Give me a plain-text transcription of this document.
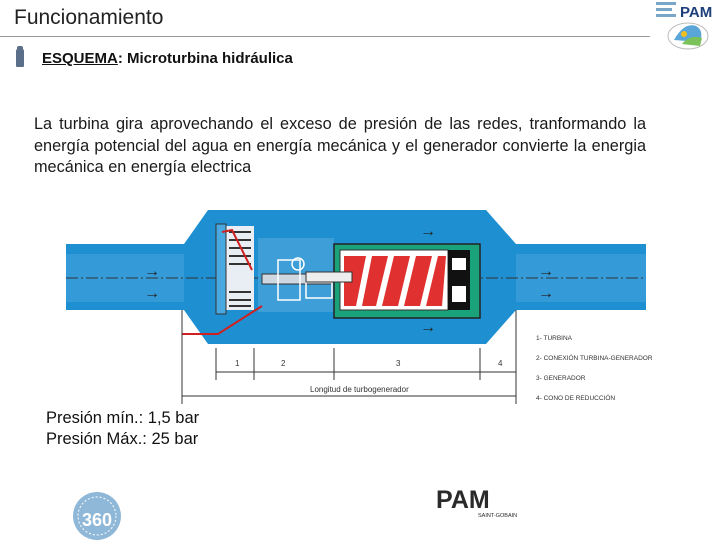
Funcionamiento	PAM
ESQUEMA: Microturbina hidráulica
La turbina gira aprovechando el exceso de presión de las redes, tranformando la energía potencial del agua en energía mecánica y el generador convierte la energia mecánica en energía electrica
→
→
→
→
→
→
1	2	3	4
Longitud de turbogenerador
1- TURBINA
2- CONEXIÓN TURBINA-GENERADOR
3- GENERADOR
4- CONO DE REDUCCIÓN
Presión mín.: 1,5 bar
Presión Máx.: 25 bar
360
PAM
SAINT-GOBAIN
